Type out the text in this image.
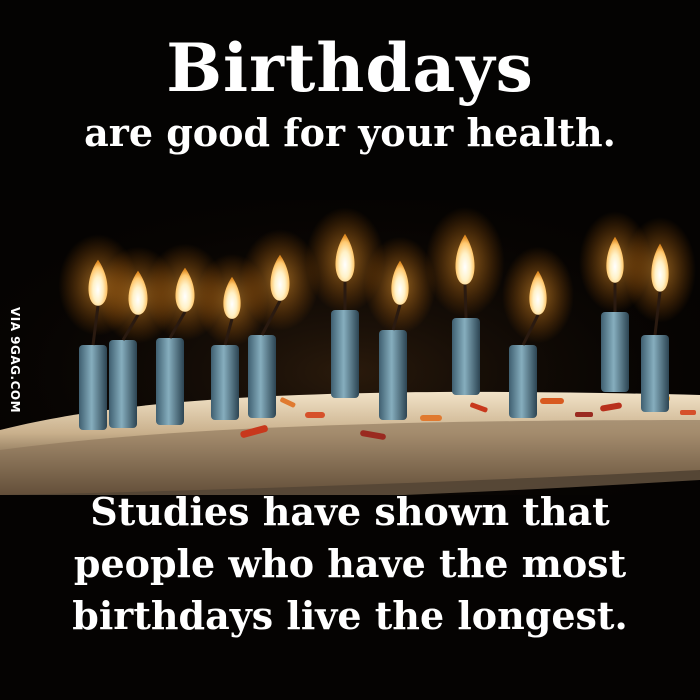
Birthdays
are good for your health.
Studies have shown that
people who have the most
birthdays live the longest.
VIA 9GAG.COM
